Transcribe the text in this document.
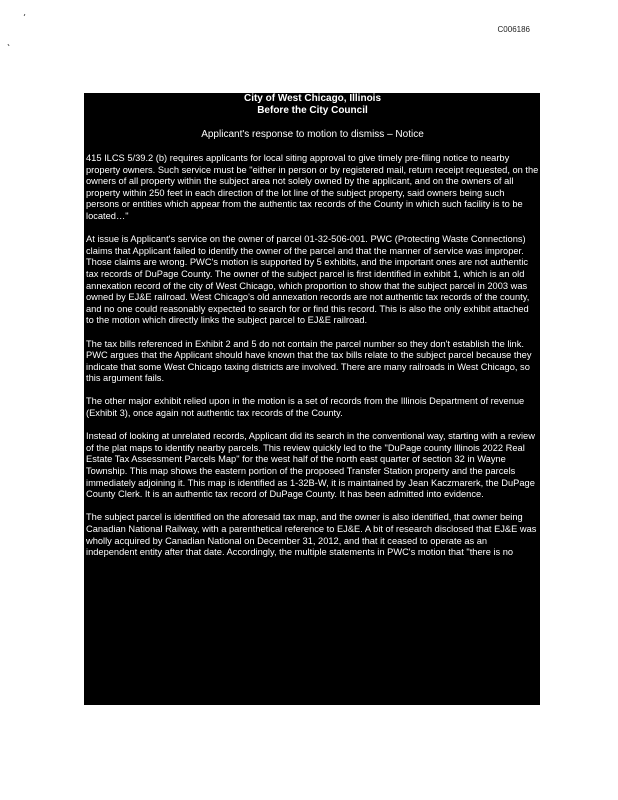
C006186
City of West Chicago, Illinois
Before the City Council
Applicant's response to motion to dismiss – Notice

415 ILCS 5/39.2 (b) requires applicants for local siting approval to give timely pre-filing notice to nearby property owners. Such service must be "either in person or by registered mail, return receipt requested, on the owners of all property within the subject area not solely owned by the applicant, and on the owners of all property within 250 feet in each direction of the lot line of the subject property, said owners being such persons or entities which appear from the authentic tax records of the County in which such facility is to be located…"

At issue is Applicant's service on the owner of parcel 01-32-506-001. PWC (Protecting Waste Connections) claims that Applicant failed to identify the owner of the parcel and that the manner of service was improper. Those claims are wrong. PWC's motion is supported by 5 exhibits, and the important ones are not authentic tax records of DuPage County. The owner of the subject parcel is first identified in exhibit 1, which is an old annexation record of the city of West Chicago, which proportion to show that the subject parcel in 2003 was owned by EJ&E railroad. West Chicago's old annexation records are not authentic tax records of the county, and no one could reasonably expected to search for or find this record. This is also the only exhibit attached to the motion which directly links the subject parcel to EJ&E railroad.

The tax bills referenced in Exhibit 2 and 5 do not contain the parcel number so they don't establish the link. PWC argues that the Applicant should have known that the tax bills relate to the subject parcel because they indicate that some West Chicago taxing districts are involved. There are many railroads in West Chicago, so this argument fails.

The other major exhibit relied upon in the motion is a set of records from the Illinois Department of revenue (Exhibit 3), once again not authentic tax records of the County.

Instead of looking at unrelated records, Applicant did its search in the conventional way, starting with a review of the plat maps to identify nearby parcels. This review quickly led to the "DuPage county Illinois 2022 Real Estate Tax Assessment Parcels Map" for the west half of the north east quarter of section 32 in Wayne Township. This map shows the eastern portion of the proposed Transfer Station property and the parcels immediately adjoining it. This map is identified as 1-32B-W, it is maintained by Jean Kaczmarerk, the DuPage County Clerk. It is an authentic tax record of DuPage County. It has been admitted into evidence.

The subject parcel is identified on the aforesaid tax map, and the owner is also identified, that owner being Canadian National Railway, with a parenthetical reference to EJ&E. A bit of research disclosed that EJ&E was wholly acquired by Canadian National on December 31, 2012, and that it ceased to operate as an independent entity after that date. Accordingly, the multiple statements in PWC's motion that "there is no
